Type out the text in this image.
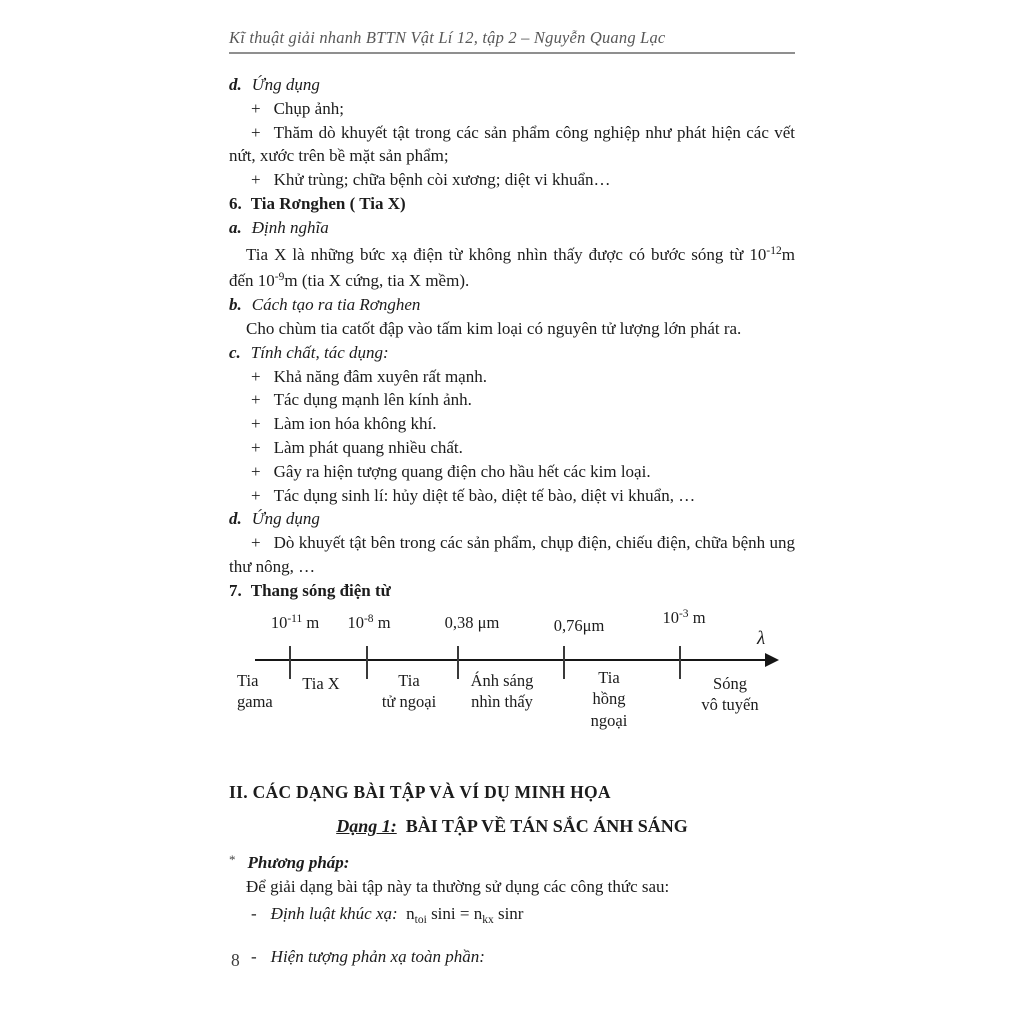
Kĩ thuật giải nhanh BTTN Vật Lí 12, tập 2 – Nguyễn Quang Lạc

d. Ứng dụng

+ Chụp ảnh;

+ Thăm dò khuyết tật trong các sản phẩm công nghiệp như phát hiện các vết nứt, xước trên bề mặt sản phẩm;

+ Khử trùng; chữa bệnh còi xương; diệt vi khuẩn…

6. Tia Rơnghen ( Tia X)

a. Định nghĩa

Tia X là những bức xạ điện từ không nhìn thấy được có bước sóng từ $10^{-12}m$ đến $10^{-9}m$ (tia X cứng, tia X mềm).

b. Cách tạo ra tia Rơnghen

Cho chùm tia catốt đập vào tấm kim loại có nguyên tử lượng lớn phát ra.

c. Tính chất, tác dụng:

+ Khả năng đâm xuyên rất mạnh.

+ Tác dụng mạnh lên kính ảnh.

+ Làm ion hóa không khí.

+ Làm phát quang nhiều chất.

+ Gây ra hiện tượng quang điện cho hầu hết các kim loại.

+ Tác dụng sinh lí: hủy diệt tế bào, diệt tế bào, diệt vi khuẩn, …

d. Ứng dụng

+ Dò khuyết tật bên trong các sản phẩm, chụp điện, chiếu điện, chữa bệnh ung thư nông, …

7. Thang sóng điện từ

λ
$10^{-11}$ m	$10^{-8}$ m	0,38 μm	0,76μm	$10^{-3}$ m
Tia
gama
Tia X	Tia
tử ngoại
Ánh sáng
nhìn thấy
Tia
hồng
ngoại
Sóng
vô tuyến

II. CÁC DẠNG BÀI TẬP VÀ VÍ DỤ MINH HỌA

Dạng 1: BÀI TẬP VỀ TÁN SẮC ÁNH SÁNG

* Phương pháp:

Để giải dạng bài tập này ta thường sử dụng các công thức sau:

- Định luật khúc xạ: $n_{toi}$ $\sin i = n_{kx}$ sinr

- Hiện tượng phản xạ toàn phần:

8
